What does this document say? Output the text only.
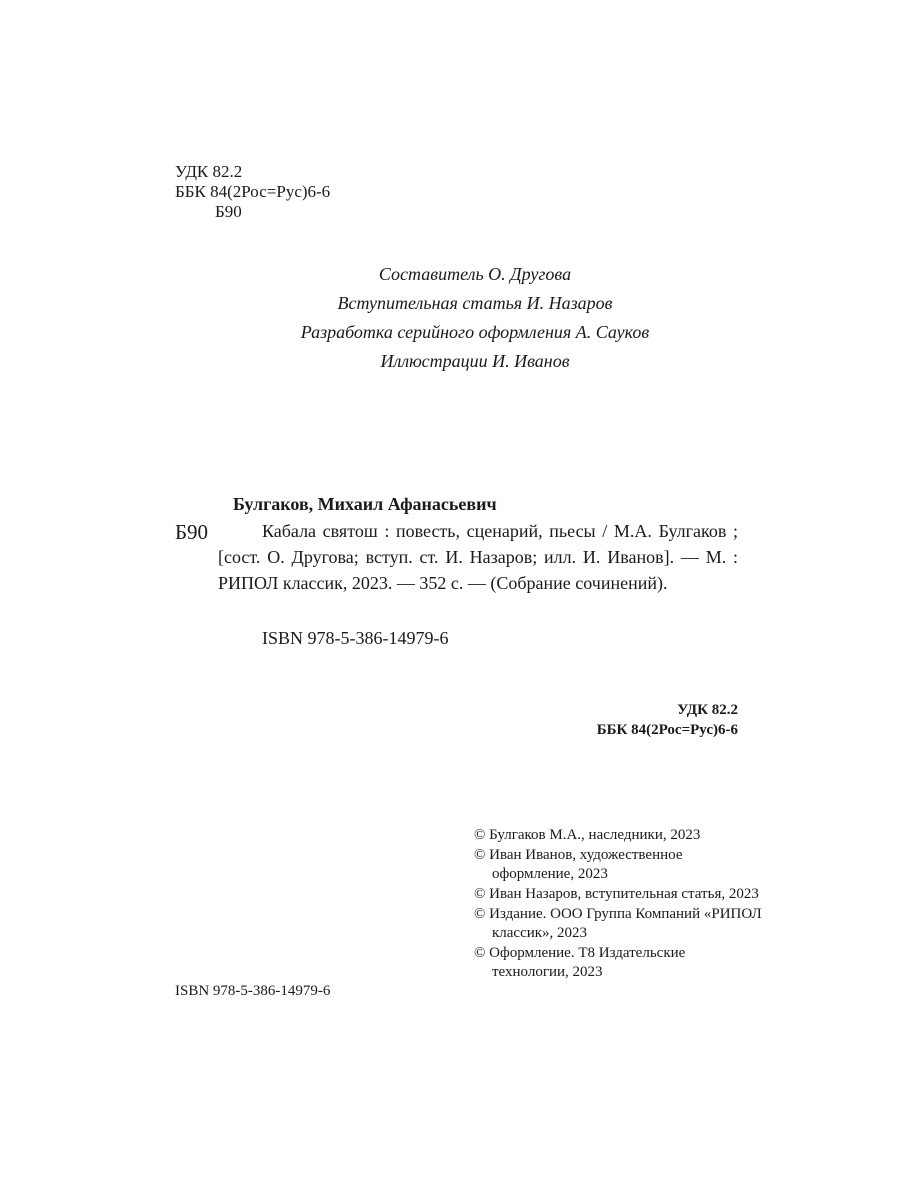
УДК 82.2
ББК 84(2Рос=Рус)6-6
Б90
Составитель О. Другова
Вступительная статья И. Назаров
Разработка серийного оформления А. Сауков
Иллюстрации И. Иванов
Булгаков, Михаил Афанасьевич
Б90	Кабала святош : повесть, сценарий, пьесы / М.А. Булгаков ; [сост. О. Другова; вступ. ст. И. Назаров; илл. И. Иванов]. — М. : РИПОЛ классик, 2023. — 352 с. — (Собрание сочинений).
ISBN 978-5-386-14979-6
УДК 82.2
ББК 84(2Рос=Рус)6-6
© Булгаков М.А., наследники, 2023
© Иван Иванов, художественное оформление, 2023
© Иван Назаров, вступительная статья, 2023
© Издание. ООО Группа Компаний «РИПОЛ классик», 2023
© Оформление. Т8 Издательские технологии, 2023
ISBN 978-5-386-14979-6
